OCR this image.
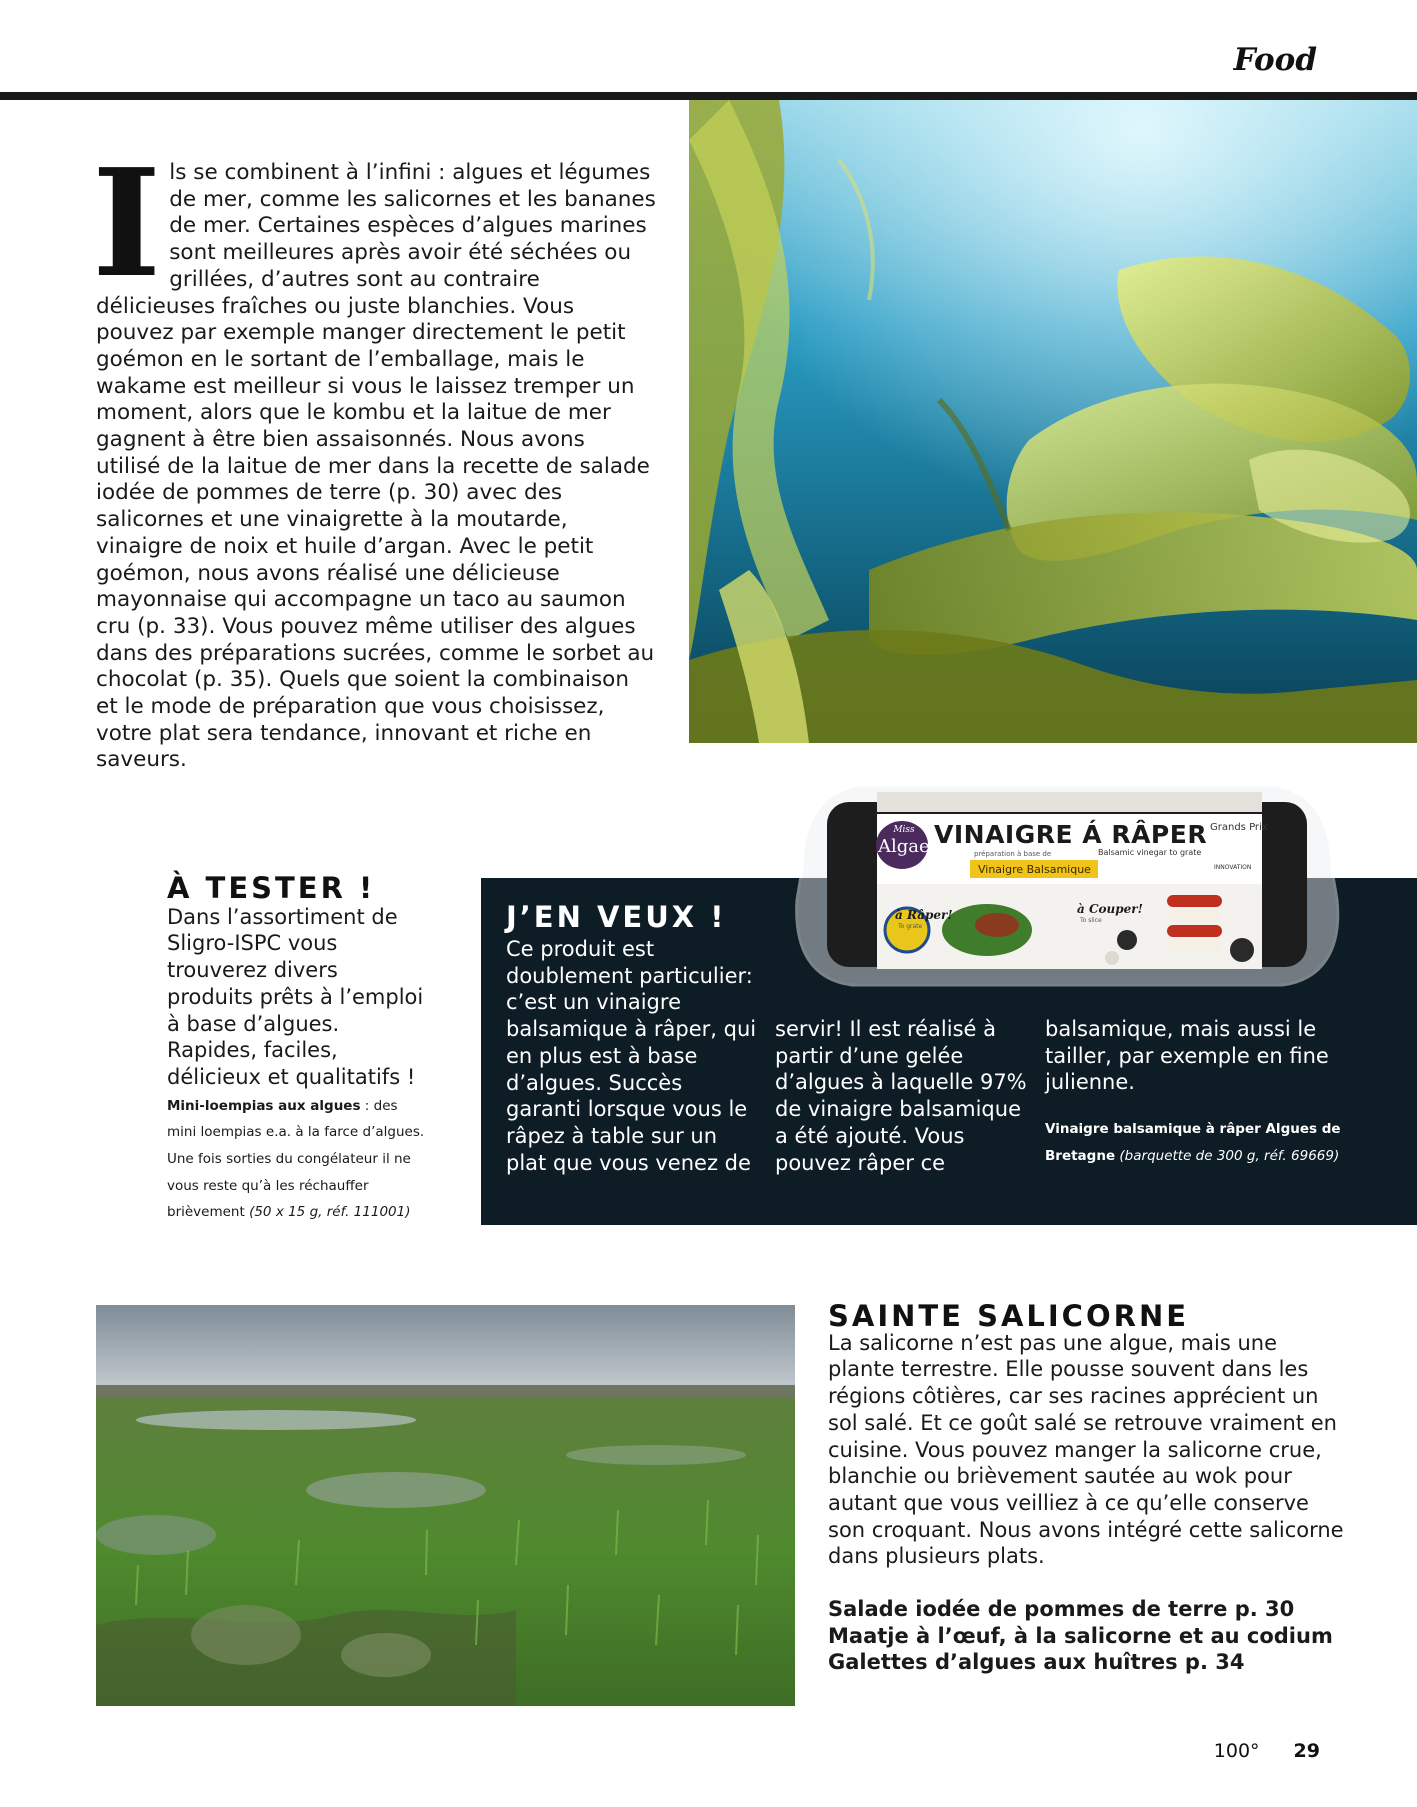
Food
I ls se combinent à l’infini : algues et légumes de mer, comme les salicornes et les bananes de mer. Certaines espèces d’algues marines sont meilleures après avoir été séchées ou grillées, d’autres sont au contraire délicieuses fraîches ou juste blanchies. Vous pouvez par exemple manger directement le petit goémon en le sortant de l’emballage, mais le wakame est meilleur si vous le laissez tremper un moment, alors que le kombu et la laitue de mer gagnent à être bien assaisonnés. Nous avons utilisé de la laitue de mer dans la recette de salade iodée de pommes de terre (p. 30) avec des salicornes et une vinaigrette à la moutarde, vinaigre de noix et huile d’argan. Avec le petit goémon, nous avons réalisé une délicieuse mayonnaise qui accompagne un taco au saumon cru (p. 33). Vous pouvez même utiliser des algues dans des préparations sucrées, comme le sorbet au chocolat (p. 35). Quels que soient la combinaison et le mode de préparation que vous choisissez, votre plat sera tendance, innovant et riche en saveurs.

À TESTER !
Dans l’assortiment de Sligro-ISPC vous trouverez divers produits prêts à l’emploi à base d’algues. Rapides, faciles, délicieux et qualitatifs !
Mini-loempias aux algues : des mini loempias e.a. à la farce d’algues. Une fois sorties du congélateur il ne vous reste qu’à les réchauffer brièvement (50 x 15 g, réf. 111001)
Miss
Algae VINAIGRE Á RÂPER
Balsamic vinegar to grate
préparation à base de
Vinaigre Balsamique
Grands Prix
INNOVATION
à Râper!
To grate
à Couper!
To slice
J’EN VEUX !
Ce produit est doublement particulier: c’est un vinaigre balsamique à râper, qui en plus est à base d’algues. Succès garanti lorsque vous le râpez à table sur un plat que vous venez de
servir! Il est réalisé à partir d’une gelée d’algues à laquelle 97% de vinaigre balsamique a été ajouté. Vous pouvez râper ce
balsamique, mais aussi le tailler, par exemple en fine julienne.
Vinaigre balsamique à râper Algues de Bretagne (barquette de 300 g, réf. 69669)
SAINTE SALICORNE
La salicorne n’est pas une algue, mais une plante terrestre. Elle pousse souvent dans les régions côtières, car ses racines apprécient un sol salé. Et ce goût salé se retrouve vraiment en cuisine. Vous pouvez manger la salicorne crue, blanchie ou brièvement sautée au wok pour autant que vous veilliez à ce qu’elle conserve son croquant. Nous avons intégré cette salicorne dans plusieurs plats.
Salade iodée de pommes de terre p. 30
Maatje à l’œuf, à la salicorne et au codium
Galettes d’algues aux huîtres p. 34
100° 29
